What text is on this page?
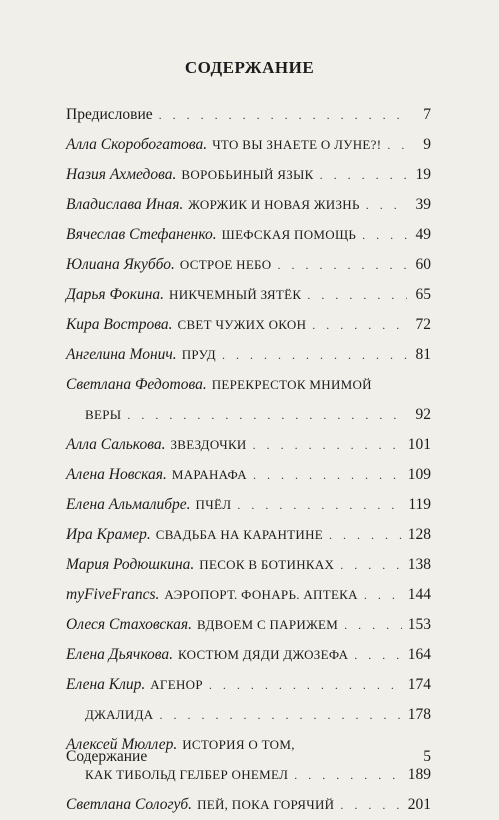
СОДЕРЖАНИЕ
Предисловие . . .	7
Алла Скоробогатова. ЧТО ВЫ ЗНАЕТЕ О ЛУНЕ?! . . .	9
Назия Ахмедова. ВОРОБЬИНЫЙ ЯЗЫК . . .	19
Владислава Иная. ЖОРЖИК И НОВАЯ ЖИЗНЬ . . .	39
Вячеслав Стефаненко. ШЕФСКАЯ ПОМОЩЬ . . .	49
Юлиана Якуббо. ОСТРОЕ НЕБО . . .	60
Дарья Фокина. НИКЧЕМНЫЙ ЗЯТЁК . . .	65
Кира Вострова. СВЕТ ЧУЖИХ ОКОН . . .	72
Ангелина Монич. ПРУД . . .	81
Светлана Федотова. ПЕРЕКРЕСТОК МНИМОЙ
ВЕРЫ . . .	92
Алла Салькова. ЗВЕЗДОЧКИ . . .	101
Алена Новская. МАРАНАФА . . .	109
Елена Альмалибре. ПЧЁЛ . . .	119
Ира Крамер. СВАДЬБА НА КАРАНТИНЕ . . .	128
Мария Родюшкина. ПЕСОК В БОТИНКАХ . . .	138
myFiveFrancs. АЭРОПОРТ. ФОНАРЬ. АПТЕКА . . .	144
Олеся Стаховская. ВДВОЕМ С ПАРИЖЕМ . . .	153
Елена Дьячкова. КОСТЮМ ДЯДИ ДЖОЗЕФА . . .	164
Елена Клир. АГЕНОР . . .	174
ДЖАЛИДА . . .	178
Алексей Мюллер. ИСТОРИЯ О ТОМ,
КАК ТИБОЛЬД ГЕЛБЕР ОНЕМЕЛ . . .	189
Светлана Сологуб. ПЕЙ, ПОКА ГОРЯЧИЙ . . .	201
Содержание	5
